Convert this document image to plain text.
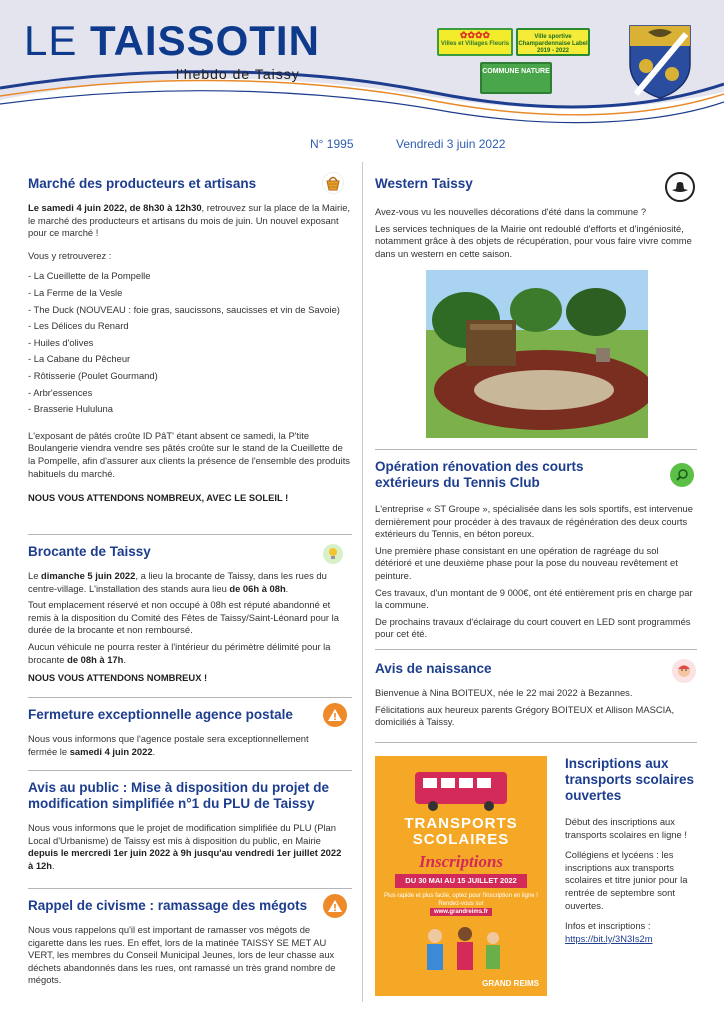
LE TAISSOTIN
l'hebdo de Taissy
✿✿✿✿
Villes et Villages Fleuris
Ville sportive Champardennaise Label 2019 - 2022
COMMUNE NATURE
N° 1995	Vendredi 3 juin 2022
Marché des producteurs et artisans

Le samedi 4 juin 2022, de 8h30 à 12h30, retrouvez sur la place de la Mairie, le marché des producteurs et artisans du mois de juin. Un nouvel exposant pour ce marché !

Vous y retrouverez :

- La Cueillette de la Pompelle
- La Ferme de la Vesle
- The Duck (NOUVEAU : foie gras, saucissons, saucisses et vin de Savoie)
- Les Délices du Renard
- Huiles d'olives
- La Cabane du Pêcheur
- Rôtisserie (Poulet Gourmand)
- Arbr'essences
- Brasserie Hululuna

L'exposant de pâtés croûte ID PâT' étant absent ce samedi, la P'tite Boulangerie viendra vendre ses pâtés croûte sur le stand de la Cueillette de la Pompelle, afin d'assurer aux clients la présence de l'ensemble des produits habituels du marché.

NOUS VOUS ATTENDONS NOMBREUX, AVEC LE SOLEIL !

Brocante de Taissy

Le dimanche 5 juin 2022, a lieu la brocante de Taissy, dans les rues du centre-village. L'installation des stands aura lieu de 06h à 08h.

Tout emplacement réservé et non occupé à 08h est réputé abandonné et remis à la disposition du Comité des Fêtes de Taissy/Saint-Léonard pour la durée de la brocante et non remboursé.

Aucun véhicule ne pourra rester à l'intérieur du périmètre délimité pour la brocante de 08h à 17h.

NOUS VOUS ATTENDONS NOMBREUX !

Fermeture exceptionnelle agence postale

Nous vous informons que l'agence postale sera exceptionnellement fermée le samedi 4 juin 2022.

Avis au public : Mise à disposition du projet de modification simplifiée n°1 du PLU de Taissy

Nous vous informons que le projet de modification simplifiée du PLU (Plan Local d'Urbanisme) de Taissy est mis à disposition du public, en Mairie depuis le mercredi 1er juin 2022 à 9h jusqu'au vendredi 1er juillet 2022 à 12h.

Rappel de civisme : ramassage des mégots

Nous vous rappelons qu'il est important de ramasser vos mégots de cigarette dans les rues. En effet, lors de la matinée TAISSY SE MET AU VERT, les membres du Conseil Municipal Jeunes, lors de leur chasse aux déchets abandonnés dans les rues, ont ramassé un très grand nombre de mégots.

Western Taissy

Avez-vous vu les nouvelles décorations d'été dans la commune ?

Les services techniques de la Mairie ont redoublé d'efforts et d'ingéniosité, notamment grâce à des objets de récupération, pour vous faire vivre comme dans un western en cette saison.

Opération rénovation des courts extérieurs du Tennis Club

L'entreprise « ST Groupe », spécialisée dans les sols sportifs, est intervenue dernièrement pour procéder à des travaux de régénération des deux courts extérieurs du Tennis, en béton poreux.

Une première phase consistant en une opération de ragréage du sol détérioré et une deuxième phase pour la pose du nouveau revêtement et peinture.

Ces travaux, d'un montant de 9 000€, ont été entièrement pris en charge par la commune.

De prochains travaux d'éclairage du court couvert en LED sont programmés pour cet été.

Avis de naissance

Bienvenue à Nina BOITEUX, née le 22 mai 2022 à Bezannes.

Félicitations aux heureux parents Grégory BOITEUX et Allison MASCIA, domiciliés à Taissy.

TRANSPORTS SCOLAIRES
Inscriptions
DU 30 MAI AU 15 JUILLET 2022
Plus rapide et plus facile, optez pour l'inscription en ligne ! Rendez-vous sur
www.grandreims.fr
GRAND REIMS
Inscriptions aux transports scolaires ouvertes

Début des inscriptions aux transports scolaires en ligne !

Collégiens et lycéens : les inscriptions aux transports scolaires et titre junior pour la rentrée de septembre sont ouvertes.

Infos et inscriptions :

https://bit.ly/3N3Is2m
